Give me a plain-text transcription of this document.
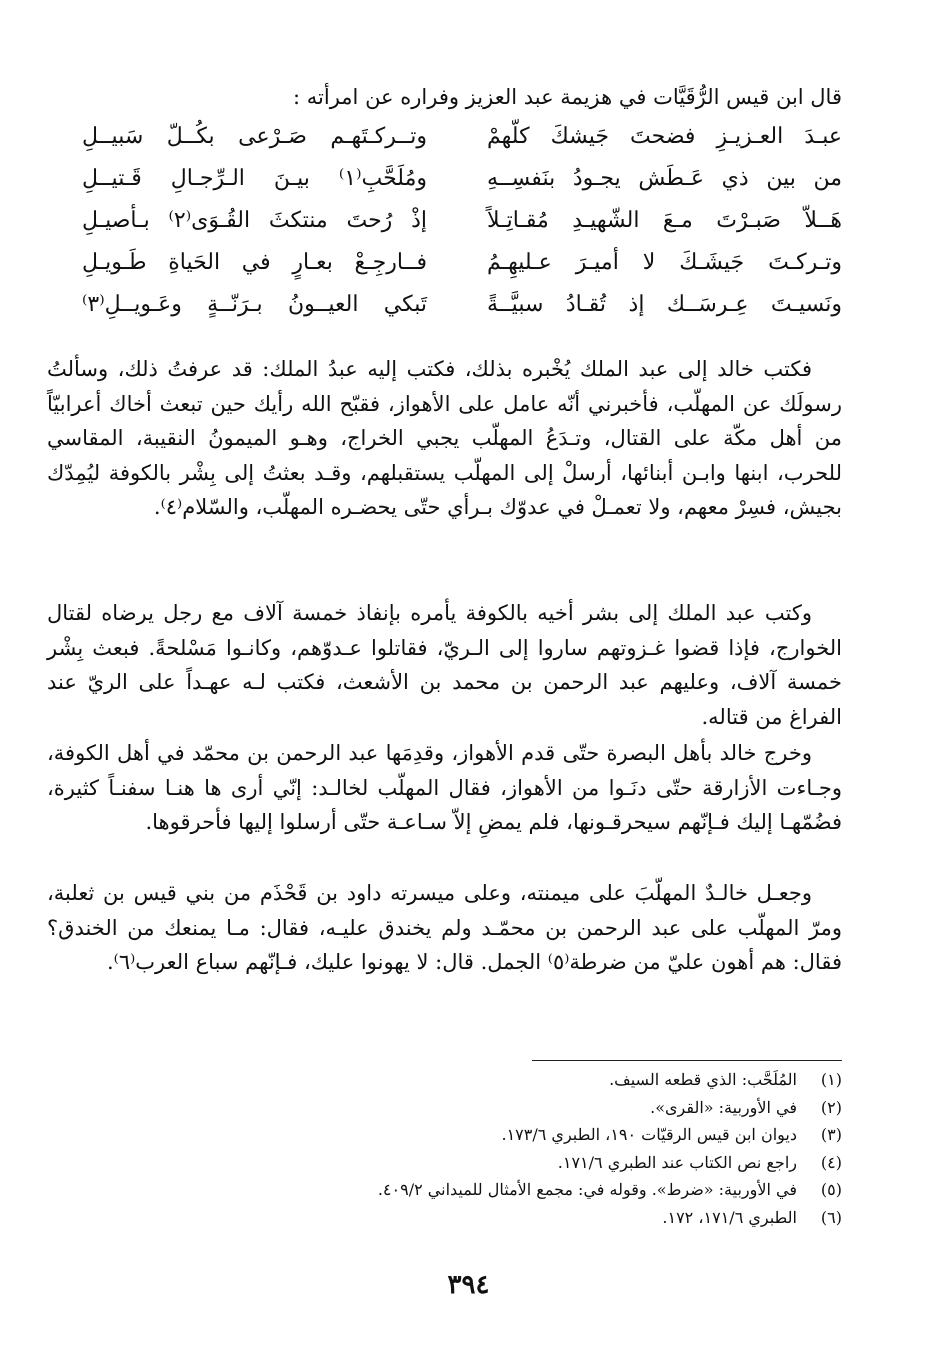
قال ابن قيس الرُّقَيَّات في هزيمة عبد العزيز وفراره عن امرأته :
عبـدَ العـزيـزِ فضحتَ جَيشكَ كلّهمْ
وتــركـتَهـم صَـرْعى بكُــلّ سَبيــلِ
من بين ذي عَـطَش يجـودُ بنَفسِــهِ
ومُلَحَّبِ⁽١⁾ بيـنَ الـرِّجـالِ قَـتيــلِ
هَــلاّ صَبـرْتَ مـعَ الشّهيـدِ مُقـاتِـلاً
إذْ رُحتَ منتكثَ القُـوَى⁽٢⁾ بـأصيـلِ
وتـركـتَ جَيشَـكَ لا أميـرَ عـليهِـمُ
فــارجِـعْ بعـارٍ في الحَياةِ طَـويـلِ
ونَسيـتَ عِـرسَــك إذ تُقـادُ سبيَّــةً
تَبكي العيــونُ بـرَنّــةٍ وعَـويــلِ⁽٣⁾

فكتب خالد إلى عبد الملك يُخْبره بذلك، فكتب إليه عبدُ الملك: قد عرفتُ ذلك، وسألتُ رسولَك عن المهلّب، فأخبرني أنّه عامل على الأهواز، فقبّح الله رأيك حين تبعث أخاك أعرابيّاً من أهل مكّة على القتال، وتـدَعُ المهلّب يجبي الخراج، وهـو الميمونُ النقيبة، المقاسي للحرب، ابنها وابـن أبنائها، أرسلْ إلى المهلّب يستقبلهم، وقـد بعثتُ إلى بِشْر بالكوفة ليُمِدّك بجيش، فسِرْ معهم، ولا تعمـلْ في عدوّك بـرأي حتّى يحضـره المهلّب، والسّلام⁽٤⁾.

وكتب عبد الملك إلى بشر أخيه بالكوفة يأمره بإنفاذ خمسة آلاف مع رجل يرضاه لقتال الخوارج، فإذا قضوا غـزوتهم ساروا إلى الـريّ، فقاتلوا عـدوّهم، وكانـوا مَسْلحةً. فبعث بِشْر خمسة آلاف، وعليهم عبد الرحمن بن محمد بن الأشعث، فكتب لـه عهـداً على الريّ عند الفراغ من قتاله.

وخرج خالد بأهل البصرة حتّى قدم الأهواز، وقدِمَها عبد الرحمن بن محمّد في أهل الكوفة، وجـاءت الأزارقة حتّى دنَـوا من الأهواز، فقال المهلّب لخالـد: إنّي أرى ها هنـا سفنـاً كثيرة، فضُمّهـا إليك فـإنّهم سيحرقـونها، فلم يمضِ إلاّ سـاعـة حتّى أرسلوا إليها فأحرقوها.

وجعـل خالـدٌ المهلّبَ على ميمنته، وعلى ميسرته داود بن قَحْذَم من بني قيس بن ثعلبة، ومرّ المهلّب على عبد الرحمن بن محمّـد ولم يخندق عليـه، فقال: مـا يمنعك من الخندق؟ فقال: هم أهون عليّ من ضرطة⁽٥⁾ الجمل. قال: لا يهونوا عليك، فـإنّهم سباع العرب⁽٦⁾.

(١)
المُلَحَّب: الذي قطعه السيف.
(٢)
في الأوربية: «القرى».
(٣)
ديوان ابن قيس الرقيّات ١٩٠، الطبري ١٧٣/٦.
(٤)
راجع نص الكتاب عند الطبري ١٧١/٦.
(٥)
في الأوربية: «ضرط». وقوله في: مجمع الأمثال للميداني ٤٠٩/٢.
(٦)
الطبري ١٧١/٦، ١٧٢.
٣٩٤
